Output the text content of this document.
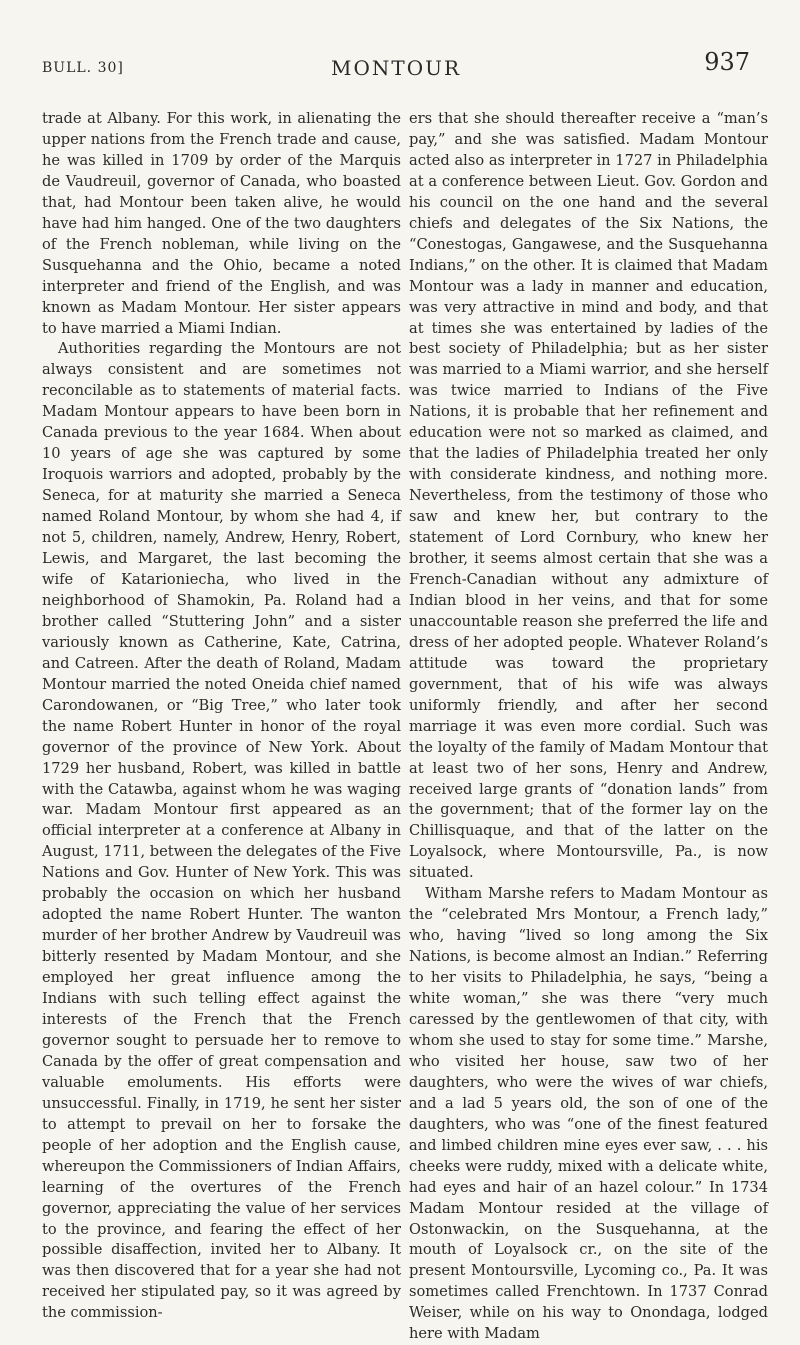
BULL. 30]	MONTOUR	937

trade at Albany. For this work, in alienating the upper nations from the French trade and cause, he was killed in 1709 by order of the Marquis de Vaudreuil, governor of Canada, who boasted that, had Montour been taken alive, he would have had him hanged. One of the two daughters of the French nobleman, while living on the Susquehanna and the Ohio, became a noted interpreter and friend of the English, and was known as Madam Montour. Her sister appears to have married a Miami Indian.

Authorities regarding the Montours are not always consistent and are sometimes not reconcilable as to statements of material facts. Madam Montour appears to have been born in Canada previous to the year 1684. When about 10 years of age she was captured by some Iroquois warriors and adopted, probably by the Seneca, for at maturity she married a Seneca named Roland Montour, by whom she had 4, if not 5, children, namely, Andrew, Henry, Robert, Lewis, and Margaret, the last becoming the wife of Katarioniecha, who lived in the neighborhood of Shamokin, Pa. Roland had a brother called “Stuttering John” and a sister variously known as Catherine, Kate, Catrina, and Catreen. After the death of Roland, Madam Montour married the noted Oneida chief named Carondowanen, or “Big Tree,” who later took the name Robert Hunter in honor of the royal governor of the province of New York. About 1729 her husband, Robert, was killed in battle with the Catawba, against whom he was waging war. Madam Montour first appeared as an official interpreter at a conference at Albany in August, 1711, between the delegates of the Five Nations and Gov. Hunter of New York. This was probably the occasion on which her husband adopted the name Robert Hunter. The wanton murder of her brother Andrew by Vaudreuil was bitterly resented by Madam Montour, and she employed her great influence among the Indians with such telling effect against the interests of the French that the French governor sought to persuade her to remove to Canada by the offer of great compensation and valuable emoluments. His efforts were unsuccessful. Finally, in 1719, he sent her sister to attempt to prevail on her to forsake the people of her adoption and the English cause, whereupon the Commissioners of Indian Affairs, learning of the overtures of the French governor, appreciating the value of her services to the province, and fearing the effect of her possible disaffection, invited her to Albany. It was then discovered that for a year she had not received her stipulated pay, so it was agreed by the commission-

ers that she should thereafter receive a “man’s pay,” and she was satisfied. Madam Montour acted also as interpreter in 1727 in Philadelphia at a conference between Lieut. Gov. Gordon and his council on the one hand and the several chiefs and delegates of the Six Nations, the “Conestogas, Gangawese, and the Susquehanna Indians,” on the other. It is claimed that Madam Montour was a lady in manner and education, was very attractive in mind and body, and that at times she was entertained by ladies of the best society of Philadelphia; but as her sister was married to a Miami warrior, and she herself was twice married to Indians of the Five Nations, it is probable that her refinement and education were not so marked as claimed, and that the ladies of Philadelphia treated her only with considerate kindness, and nothing more. Nevertheless, from the testimony of those who saw and knew her, but contrary to the statement of Lord Cornbury, who knew her brother, it seems almost certain that she was a French-Canadian without any admixture of Indian blood in her veins, and that for some unaccountable reason she preferred the life and dress of her adopted people. Whatever Roland’s attitude was toward the proprietary government, that of his wife was always uniformly friendly, and after her second marriage it was even more cordial. Such was the loyalty of the family of Madam Montour that at least two of her sons, Henry and Andrew, received large grants of “donation lands” from the government; that of the former lay on the Chillisquaque, and that of the latter on the Loyalsock, where Montoursville, Pa., is now situated.

Witham Marshe refers to Madam Montour as the “celebrated Mrs Montour, a French lady,” who, having “lived so long among the Six Nations, is become almost an Indian.” Referring to her visits to Philadelphia, he says, “being a white woman,” she was there “very much caressed by the gentlewomen of that city, with whom she used to stay for some time.” Marshe, who visited her house, saw two of her daughters, who were the wives of war chiefs, and a lad 5 years old, the son of one of the daughters, who was “one of the finest featured and limbed children mine eyes ever saw, . . . his cheeks were ruddy, mixed with a delicate white, had eyes and hair of an hazel colour.” In 1734 Madam Montour resided at the village of Ostonwackin, on the Susquehanna, at the mouth of Loyalsock cr., on the site of the present Montoursville, Lycoming co., Pa. It was sometimes called Frenchtown. In 1737 Conrad Weiser, while on his way to Onondaga, lodged here with Madam
